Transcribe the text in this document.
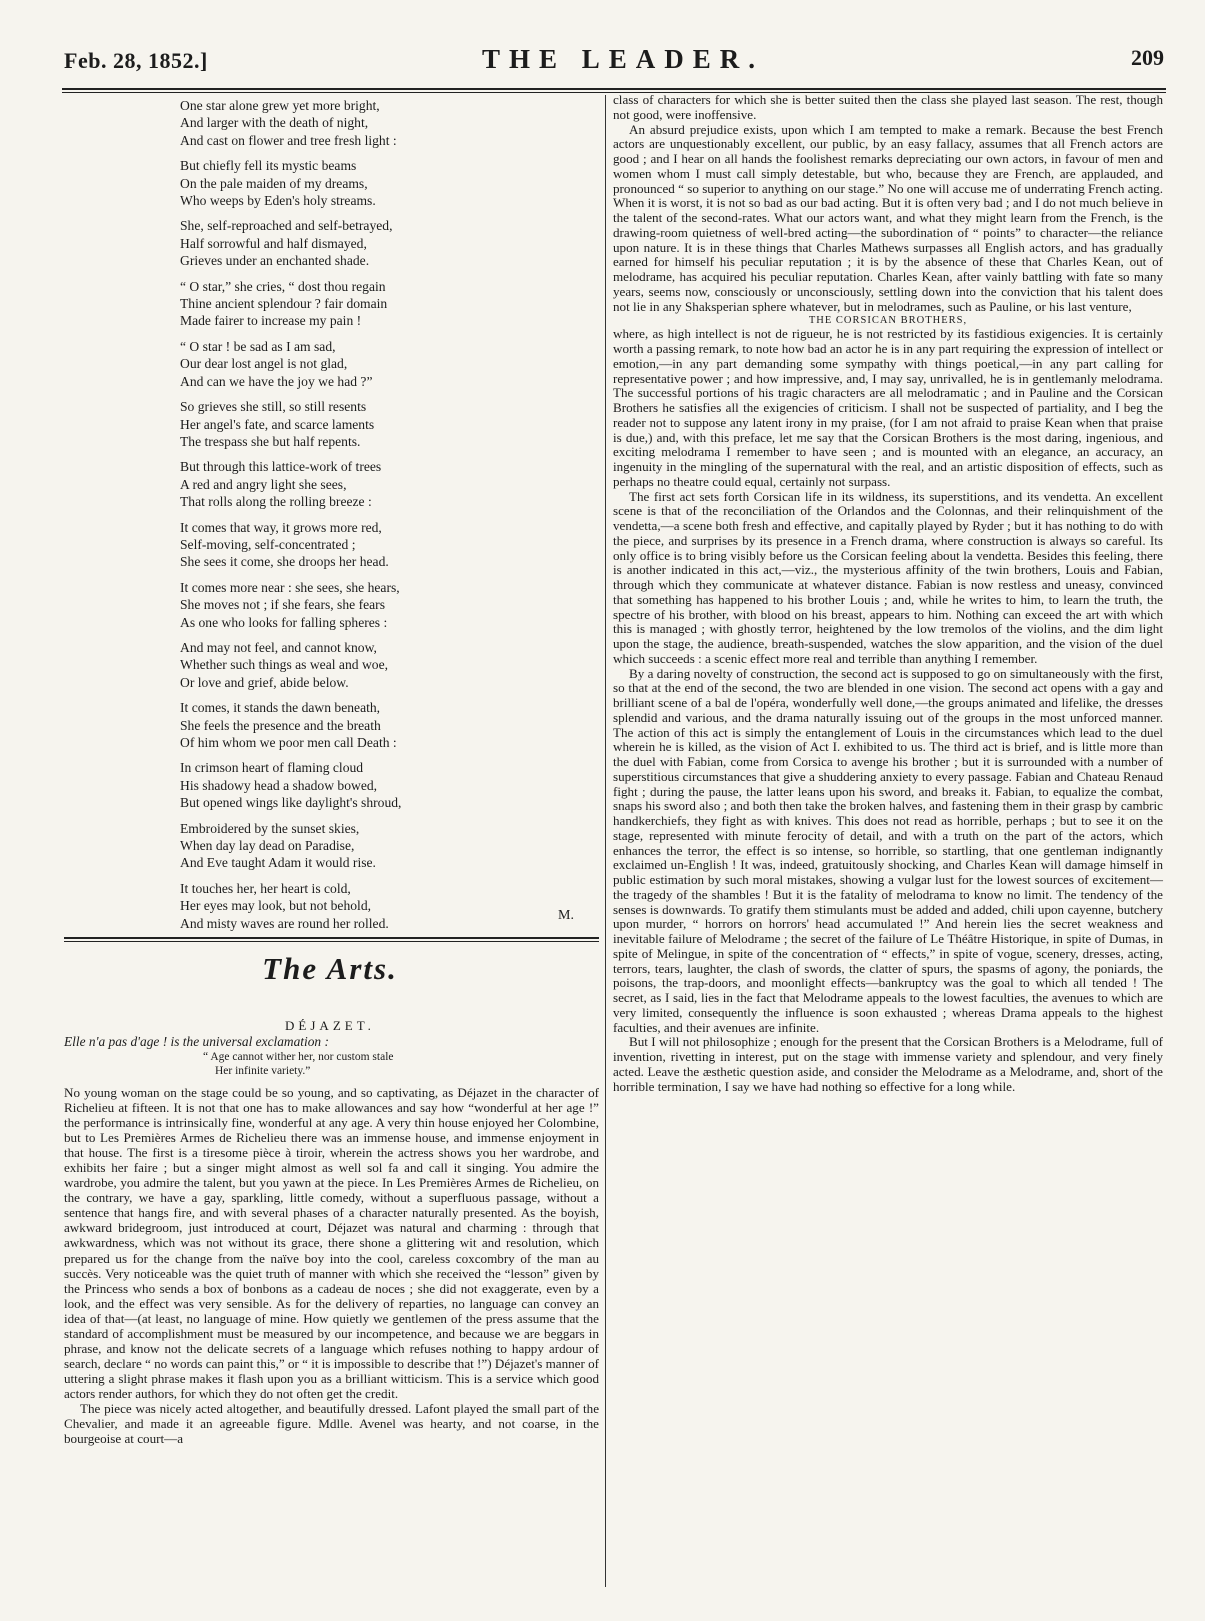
Feb. 28, 1852.]	THE LEADER.	209
One star alone grew yet more bright,
And larger with the death of night,
And cast on flower and tree fresh light :
But chiefly fell its mystic beams
On the pale maiden of my dreams,
Who weeps by Eden's holy streams.
She, self-reproached and self-betrayed,
Half sorrowful and half dismayed,
Grieves under an enchanted shade.
“ O star,” she cries, “ dost thou regain
Thine ancient splendour ? fair domain
Made fairer to increase my pain !
“ O star ! be sad as I am sad,
Our dear lost angel is not glad,
And can we have the joy we had ?”
So grieves she still, so still resents
Her angel's fate, and scarce laments
The trespass she but half repents.
But through this lattice-work of trees
A red and angry light she sees,
That rolls along the rolling breeze :
It comes that way, it grows more red,
Self-moving, self-concentrated ;
She sees it come, she droops her head.
It comes more near : she sees, she hears,
She moves not ; if she fears, she fears
As one who looks for falling spheres :
And may not feel, and cannot know,
Whether such things as weal and woe,
Or love and grief, abide below.
It comes, it stands the dawn beneath,
She feels the presence and the breath
Of him whom we poor men call Death :
In crimson heart of flaming cloud
His shadowy head a shadow bowed,
But opened wings like daylight's shroud,
Embroidered by the sunset skies,
When day lay dead on Paradise,
And Eve taught Adam it would rise.
It touches her, her heart is cold,
Her eyes may look, but not behold,
And misty waves are round her rolled.
M.
The Arts.
DÉJAZET.
Elle n'a pas d'age ! is the universal exclamation :
“ Age cannot wither her, nor custom stale
Her infinite variety.”

No young woman on the stage could be so young, and so captivating, as Déjazet in the character of Richelieu at fifteen. It is not that one has to make allowances and say how “wonderful at her age !” the performance is intrinsically fine, wonderful at any age. A very thin house enjoyed her Colombine, but to Les Premières Armes de Richelieu there was an immense house, and immense enjoyment in that house. The first is a tiresome pièce à tiroir, wherein the actress shows you her wardrobe, and exhibits her faire ; but a singer might almost as well sol fa and call it singing. You admire the wardrobe, you admire the talent, but you yawn at the piece. In Les Premières Armes de Richelieu, on the contrary, we have a gay, sparkling, little comedy, without a superfluous passage, without a sentence that hangs fire, and with several phases of a character naturally presented. As the boyish, awkward bridegroom, just introduced at court, Déjazet was natural and charming : through that awkwardness, which was not without its grace, there shone a glittering wit and resolution, which prepared us for the change from the naïve boy into the cool, careless coxcombry of the man au succès. Very noticeable was the quiet truth of manner with which she received the “lesson” given by the Princess who sends a box of bonbons as a cadeau de noces ; she did not exaggerate, even by a look, and the effect was very sensible. As for the delivery of reparties, no language can convey an idea of that—(at least, no language of mine. How quietly we gentlemen of the press assume that the standard of accomplishment must be measured by our incompetence, and because we are beggars in phrase, and know not the delicate secrets of a language which refuses nothing to happy ardour of search, declare “ no words can paint this,” or “ it is impossible to describe that !”) Déjazet's manner of uttering a slight phrase makes it flash upon you as a brilliant witticism. This is a service which good actors render authors, for which they do not often get the credit.

The piece was nicely acted altogether, and beautifully dressed. Lafont played the small part of the Chevalier, and made it an agreeable figure. Mdlle. Avenel was hearty, and not coarse, in the bourgeoise at court—a

class of characters for which she is better suited then the class she played last season. The rest, though not good, were inoffensive.

An absurd prejudice exists, upon which I am tempted to make a remark. Because the best French actors are unquestionably excellent, our public, by an easy fallacy, assumes that all French actors are good ; and I hear on all hands the foolishest remarks depreciating our own actors, in favour of men and women whom I must call simply detestable, but who, because they are French, are applauded, and pronounced “ so superior to anything on our stage.” No one will accuse me of underrating French acting. When it is worst, it is not so bad as our bad acting. But it is often very bad ; and I do not much believe in the talent of the second-rates. What our actors want, and what they might learn from the French, is the drawing-room quietness of well-bred acting—the subordination of “ points” to character—the reliance upon nature. It is in these things that Charles Mathews surpasses all English actors, and has gradually earned for himself his peculiar reputation ; it is by the absence of these that Charles Kean, out of melodrame, has acquired his peculiar reputation. Charles Kean, after vainly battling with fate so many years, seems now, consciously or unconsciously, settling down into the conviction that his talent does not lie in any Shaksperian sphere whatever, but in melodrames, such as Pauline, or his last venture,

THE CORSICAN BROTHERS,

where, as high intellect is not de rigueur, he is not restricted by its fastidious exigencies. It is certainly worth a passing remark, to note how bad an actor he is in any part requiring the expression of intellect or emotion,—in any part demanding some sympathy with things poetical,—in any part calling for representative power ; and how impressive, and, I may say, unrivalled, he is in gentlemanly melodrama. The successful portions of his tragic characters are all melodramatic ; and in Pauline and the Corsican Brothers he satisfies all the exigencies of criticism. I shall not be suspected of partiality, and I beg the reader not to suppose any latent irony in my praise, (for I am not afraid to praise Kean when that praise is due,) and, with this preface, let me say that the Corsican Brothers is the most daring, ingenious, and exciting melodrama I remember to have seen ; and is mounted with an elegance, an accuracy, an ingenuity in the mingling of the supernatural with the real, and an artistic disposition of effects, such as perhaps no theatre could equal, certainly not surpass.

The first act sets forth Corsican life in its wildness, its superstitions, and its vendetta. An excellent scene is that of the reconciliation of the Orlandos and the Colonnas, and their relinquishment of the vendetta,—a scene both fresh and effective, and capitally played by Ryder ; but it has nothing to do with the piece, and surprises by its presence in a French drama, where construction is always so careful. Its only office is to bring visibly before us the Corsican feeling about la vendetta. Besides this feeling, there is another indicated in this act,—viz., the mysterious affinity of the twin brothers, Louis and Fabian, through which they communicate at whatever distance. Fabian is now restless and uneasy, convinced that something has happened to his brother Louis ; and, while he writes to him, to learn the truth, the spectre of his brother, with blood on his breast, appears to him. Nothing can exceed the art with which this is managed ; with ghostly terror, heightened by the low tremolos of the violins, and the dim light upon the stage, the audience, breath-suspended, watches the slow apparition, and the vision of the duel which succeeds : a scenic effect more real and terrible than anything I remember.

By a daring novelty of construction, the second act is supposed to go on simultaneously with the first, so that at the end of the second, the two are blended in one vision. The second act opens with a gay and brilliant scene of a bal de l'opéra, wonderfully well done,—the groups animated and lifelike, the dresses splendid and various, and the drama naturally issuing out of the groups in the most unforced manner. The action of this act is simply the entanglement of Louis in the circumstances which lead to the duel wherein he is killed, as the vision of Act I. exhibited to us. The third act is brief, and is little more than the duel with Fabian, come from Corsica to avenge his brother ; but it is surrounded with a number of superstitious circumstances that give a shuddering anxiety to every passage. Fabian and Chateau Renaud fight ; during the pause, the latter leans upon his sword, and breaks it. Fabian, to equalize the combat, snaps his sword also ; and both then take the broken halves, and fastening them in their grasp by cambric handkerchiefs, they fight as with knives. This does not read as horrible, perhaps ; but to see it on the stage, represented with minute ferocity of detail, and with a truth on the part of the actors, which enhances the terror, the effect is so intense, so horrible, so startling, that one gentleman indignantly exclaimed un-English ! It was, indeed, gratuitously shocking, and Charles Kean will damage himself in public estimation by such moral mistakes, showing a vulgar lust for the lowest sources of excitement—the tragedy of the shambles ! But it is the fatality of melodrama to know no limit. The tendency of the senses is downwards. To gratify them stimulants must be added and added, chili upon cayenne, butchery upon murder, “ horrors on horrors' head accumulated !” And herein lies the secret weakness and inevitable failure of Melodrame ; the secret of the failure of Le Théâtre Historique, in spite of Dumas, in spite of Melingue, in spite of the concentration of “ effects,” in spite of vogue, scenery, dresses, acting, terrors, tears, laughter, the clash of swords, the clatter of spurs, the spasms of agony, the poniards, the poisons, the trap-doors, and moonlight effects—bankruptcy was the goal to which all tended ! The secret, as I said, lies in the fact that Melodrame appeals to the lowest faculties, the avenues to which are very limited, consequently the influence is soon exhausted ; whereas Drama appeals to the highest faculties, and their avenues are infinite.

But I will not philosophize ; enough for the present that the Corsican Brothers is a Melodrame, full of invention, rivetting in interest, put on the stage with immense variety and splendour, and very finely acted. Leave the æsthetic question aside, and consider the Melodrame as a Melodrame, and, short of the horrible termination, I say we have had nothing so effective for a long while.
